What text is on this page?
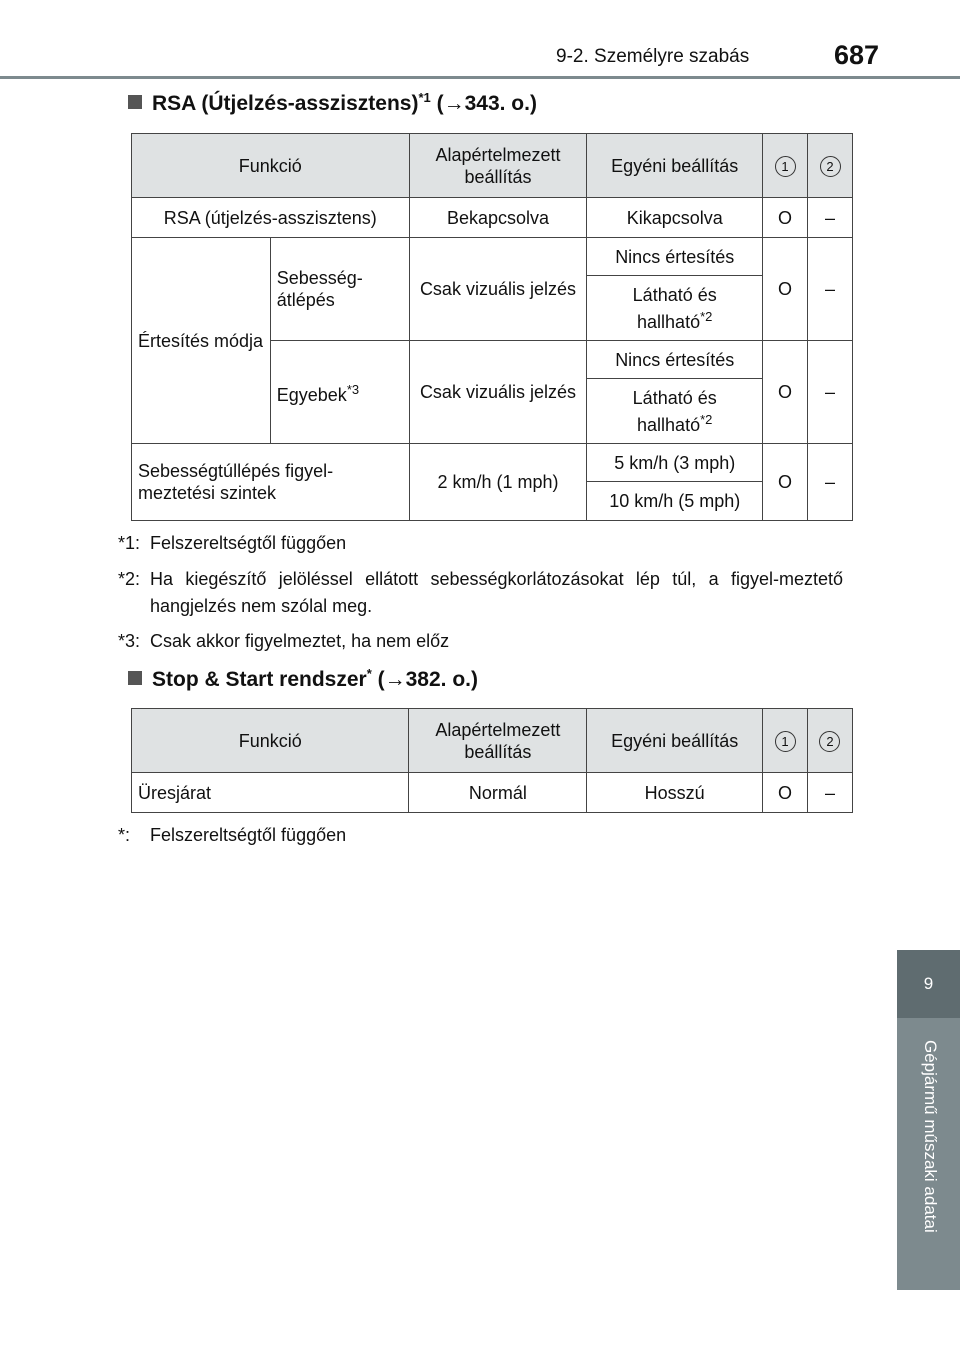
9-2. Személyre szabás	687
9
Gépjármű műszaki adatai
RSA (Útjelzés-asszisztens)$^{*1}$ (→343. o.)
Funkció		Alapértelmezett beállítás	Egyéni beállítás	1	2
RSA (útjelzés-asszisztens)		Bekapcsolva	Kikapcsolva	O	–
Értesítés módja	Sebesség-átlépés	Csak vizuális jelzés	Nincs értesítés	O	–
			Látható és hallható$^{*2}$
	Egyebek$^{*3}$	Csak vizuális jelzés	Nincs értesítés	O	–
			Látható és hallható$^{*2}$
Sebességtúllépés figyel-meztetési szintek		2 km/h (1 mph)	5 km/h (3 mph)	O	–
			10 km/h (5 mph)		
*1: Felszereltségtől függően
*2: Ha kiegészítő jelöléssel ellátott sebességkorlátozásokat lép túl, a figyel-meztető hangjelzés nem szólal meg.
*3: Csak akkor figyelmeztet, ha nem előz
Stop & Start rendszer* (→382. o.)
Funkció	Alapértelmezett beállítás	Egyéni beállítás	1	2
Üresjárat	Normál	Hosszú	O	–
*: Felszereltségtől függően
